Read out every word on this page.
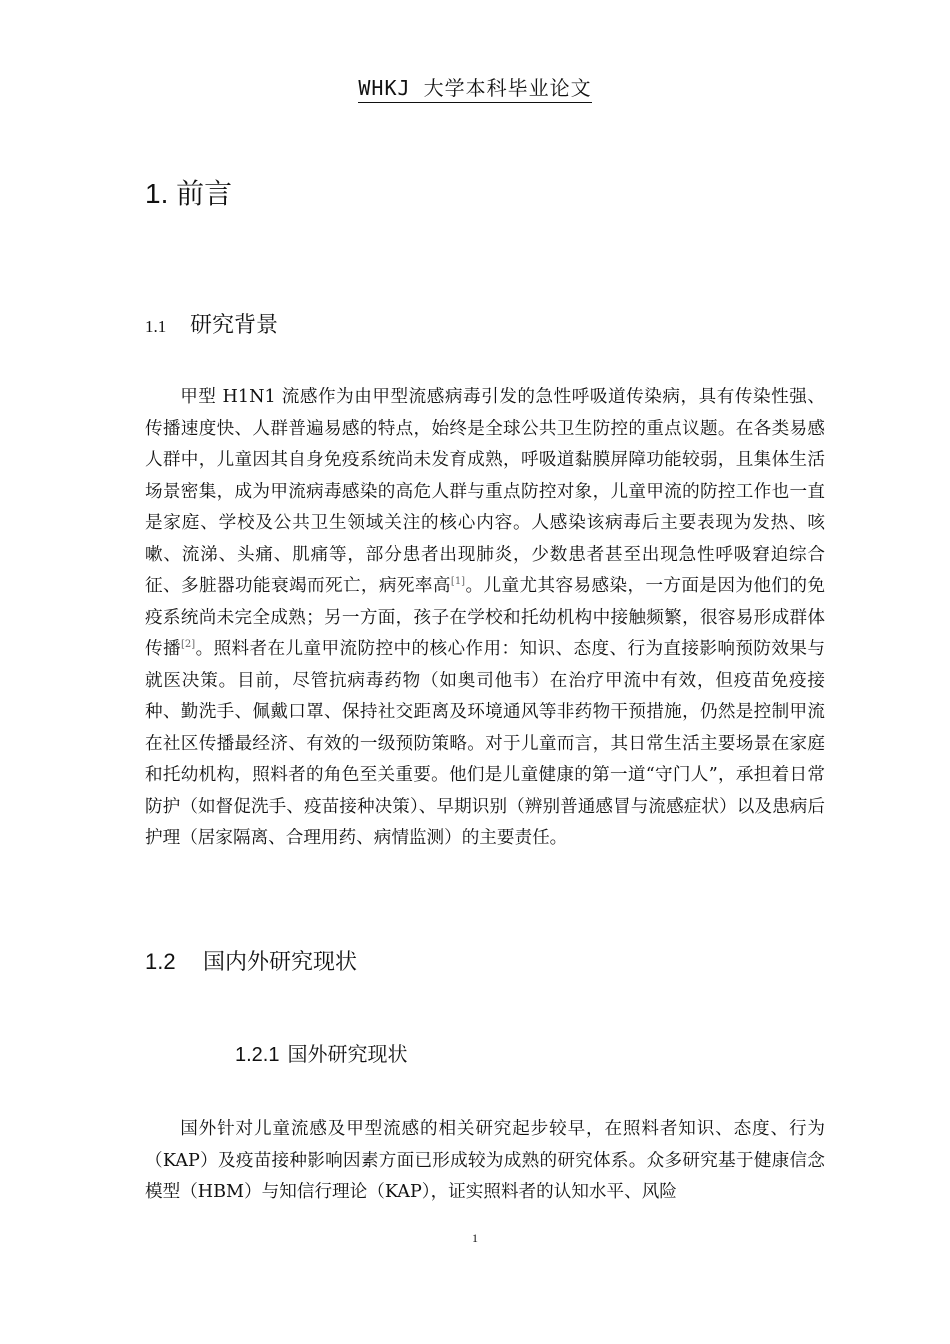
WHKJ 大学本科毕业论文
1. 前言
1.1 研究背景
甲型 H1N1 流感作为由甲型流感病毒引发的急性呼吸道传染病，具有传染性强、传播速度快、人群普遍易感的特点，始终是全球公共卫生防控的重点议题。在各类易感人群中，儿童因其自身免疫系统尚未发育成熟，呼吸道黏膜屏障功能较弱，且集体生活场景密集，成为甲流病毒感染的高危人群与重点防控对象，儿童甲流的防控工作也一直是家庭、学校及公共卫生领域关注的核心内容。人感染该病毒后主要表现为发热、咳嗽、流涕、头痛、肌痛等，部分患者出现肺炎，少数患者甚至出现急性呼吸窘迫综合征、多脏器功能衰竭而死亡，病死率高[1]。儿童尤其容易感染，一方面是因为他们的免疫系统尚未完全成熟；另一方面，孩子在学校和托幼机构中接触频繁，很容易形成群体传播[2]。照料者在儿童甲流防控中的核心作用：知识、态度、行为直接影响预防效果与就医决策。目前，尽管抗病毒药物（如奥司他韦）在治疗甲流中有效，但疫苗免疫接种、勤洗手、佩戴口罩、保持社交距离及环境通风等非药物干预措施，仍然是控制甲流在社区传播最经济、有效的一级预防策略。对于儿童而言，其日常生活主要场景在家庭和托幼机构，照料者的角色至关重要。他们是儿童健康的第一道“守门人”，承担着日常防护（如督促洗手、疫苗接种决策）、早期识别（辨别普通感冒与流感症状）以及患病后护理（居家隔离、合理用药、病情监测）的主要责任。
1.2 国内外研究现状
1.2.1 国外研究现状
国外针对儿童流感及甲型流感的相关研究起步较早，在照料者知识、态度、行为（KAP）及疫苗接种影响因素方面已形成较为成熟的研究体系。众多研究基于健康信念模型（HBM）与知信行理论（KAP），证实照料者的认知水平、风险
1
